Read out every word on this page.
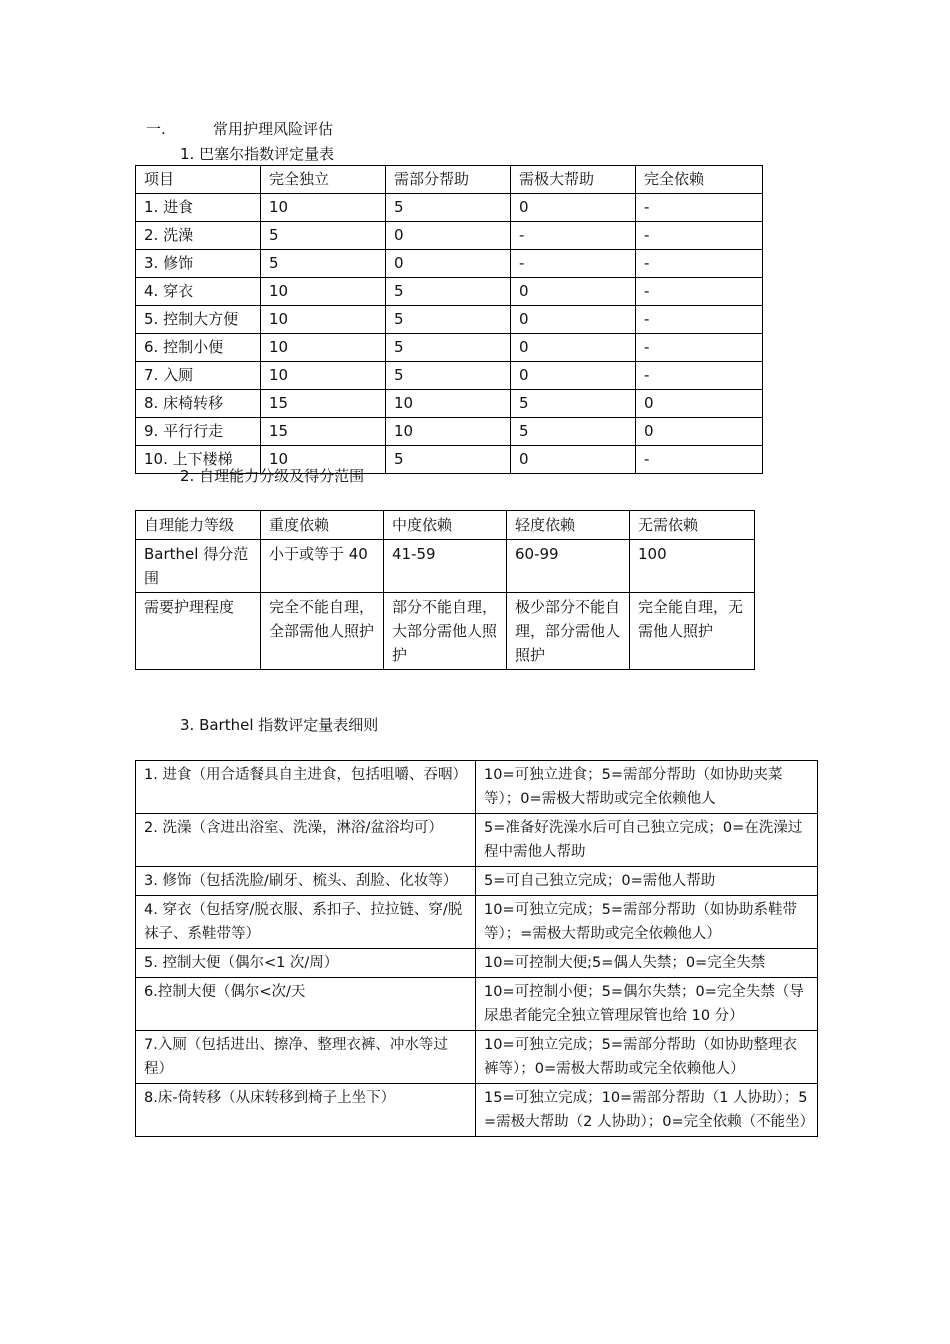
一.	常用护理风险评估
1. 巴塞尔指数评定量表
项目	完全独立	需部分帮助	需极大帮助	完全依赖
1. 进食	10	5	0	-
2. 洗澡	5	0	-	-
3. 修饰	5	0	-	-
4. 穿衣	10	5	0	-
5. 控制大方便	10	5	0	-
6. 控制小便	10	5	0	-
7. 入厕	10	5	0	-
8. 床椅转移	15	10	5	0
9. 平行行走	15	10	5	0
10. 上下楼梯	10	5	0	-
2. 自理能力分级及得分范围
自理能力等级	重度依赖	中度依赖	轻度依赖	无需依赖
Barthel 得分范围	小于或等于 40	41-59	60-99	100
需要护理程度	完全不能自理，全部需他人照护	部分不能自理，大部分需他人照护	极少部分不能自理，部分需他人照护	完全能自理，无需他人照护
3. Barthel 指数评定量表细则
1. 进食（用合适餐具自主进食，包括咀嚼、吞咽）	10=可独立进食；5=需部分帮助（如协助夹菜等）；0=需极大帮助或完全依赖他人
2. 洗澡（含进出浴室、洗澡，淋浴/盆浴均可）	5=准备好洗澡水后可自己独立完成；0=在洗澡过程中需他人帮助
3. 修饰（包括洗脸/刷牙、梳头、刮脸、化妆等）	5=可自己独立完成；0=需他人帮助
4. 穿衣（包括穿/脱衣服、系扣子、拉拉链、穿/脱袜子、系鞋带等）	10=可独立完成；5=需部分帮助（如协助系鞋带等）；=需极大帮助或完全依赖他人）
5. 控制大便（偶尔<1 次/周）	10=可控制大便;5=偶人失禁；0=完全失禁
6.控制大便（偶尔<次/天	10=可控制小便；5=偶尔失禁；0=完全失禁（导尿患者能完全独立管理尿管也给 10 分）
7.入厕（包括进出、擦净、整理衣裤、冲水等过程）	10=可独立完成；5=需部分帮助（如协助整理衣裤等）；0=需极大帮助或完全依赖他人）
8.床-倚转移（从床转移到椅子上坐下）	15=可独立完成；10=需部分帮助（1 人协助）；5=需极大帮助（2 人协助）；0=完全依赖（不能坐）
